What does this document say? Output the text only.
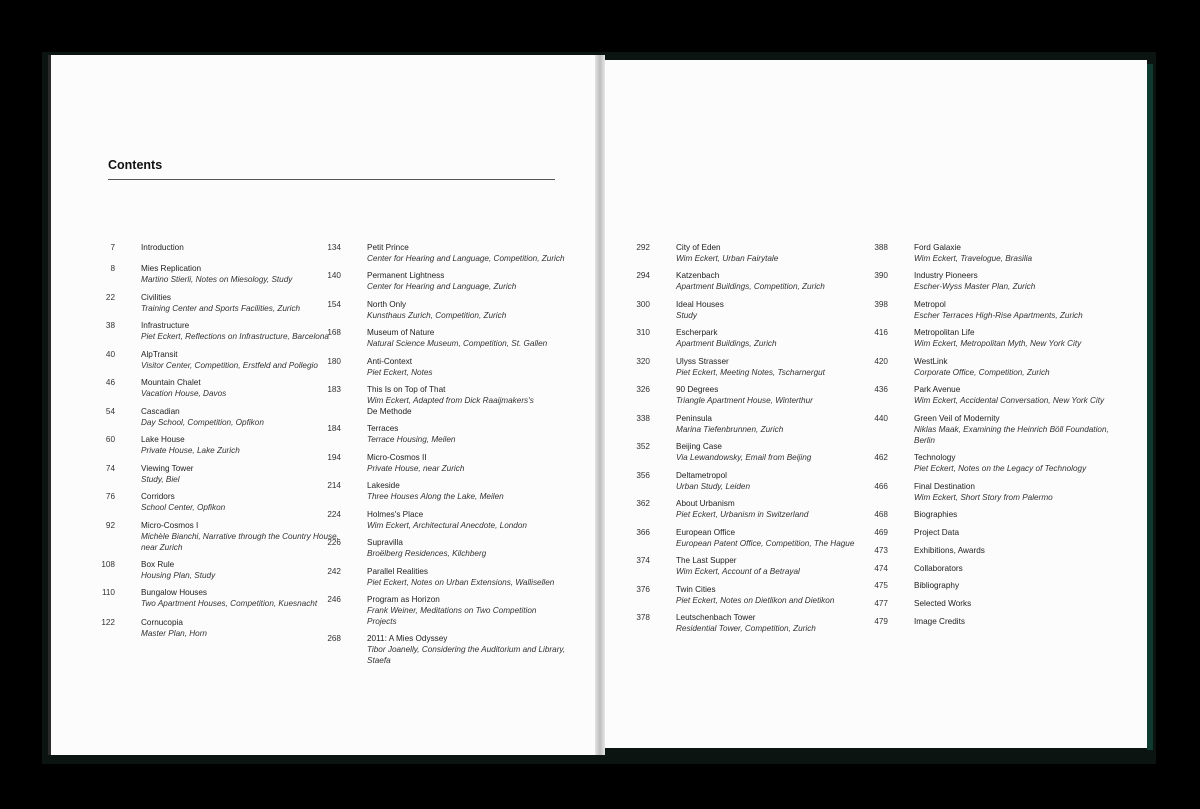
Contents
7	Introduction
8	Mies Replication
Martino Stierli, Notes on Miesology, Study
22	Civilities
Training Center and Sports Facilities, Zurich
38	Infrastructure
Piet Eckert, Reflections on Infrastructure, Barcelona
40	AlpTransit
Visitor Center, Competition, Erstfeld and Pollegio
46	Mountain Chalet
Vacation House, Davos
54	Cascadian
Day School, Competition, Opfikon
60	Lake House
Private House, Lake Zurich
74	Viewing Tower
Study, Biel
76	Corridors
School Center, Opfikon
92	Micro-Cosmos I
Michèle Bianchi, Narrative through the Country House, near Zurich
108	Box Rule
Housing Plan, Study
110	Bungalow Houses
Two Apartment Houses, Competition, Kuesnacht
122	Cornucopia
Master Plan, Horn
134	Petit Prince
Center for Hearing and Language, Competition, Zurich
140	Permanent Lightness
Center for Hearing and Language, Zurich
154	North Only
Kunsthaus Zurich, Competition, Zurich
168	Museum of Nature
Natural Science Museum, Competition, St. Gallen
180	Anti-Context
Piet Eckert, Notes
183	This Is on Top of That
Wim Eckert, Adapted from Dick Raaijmakers's
De Methode
184	Terraces
Terrace Housing, Meilen
194	Micro-Cosmos II
Private House, near Zurich
214	Lakeside
Three Houses Along the Lake, Meilen
224	Holmes's Place
Wim Eckert, Architectural Anecdote, London
226	Supravilla
Broëlberg Residences, Kilchberg
242	Parallel Realities
Piet Eckert, Notes on Urban Extensions, Wallisellen
246	Program as Horizon
Frank Weiner, Meditations on Two Competition Projects
268	2011: A Mies Odyssey
Tibor Joanelly, Considering the Auditorium and Library, Staefa
292	City of Eden
Wim Eckert, Urban Fairytale
294	Katzenbach
Apartment Buildings, Competition, Zurich
300	Ideal Houses
Study
310	Escherpark
Apartment Buildings, Zurich
320	Ulyss Strasser
Piet Eckert, Meeting Notes, Tscharnergut
326	90 Degrees
Triangle Apartment House, Winterthur
338	Peninsula
Marina Tiefenbrunnen, Zurich
352	Beijing Case
Via Lewandowsky, Email from Beijing
356	Deltametropol
Urban Study, Leiden
362	About Urbanism
Piet Eckert, Urbanism in Switzerland
366	European Office
European Patent Office, Competition, The Hague
374	The Last Supper
Wim Eckert, Account of a Betrayal
376	Twin Cities
Piet Eckert, Notes on Dietlikon and Dietikon
378	Leutschenbach Tower
Residential Tower, Competition, Zurich
388	Ford Galaxie
Wim Eckert, Travelogue, Brasilia
390	Industry Pioneers
Escher-Wyss Master Plan, Zurich
398	Metropol
Escher Terraces High-Rise Apartments, Zurich
416	Metropolitan Life
Wim Eckert, Metropolitan Myth, New York City
420	WestLink
Corporate Office, Competition, Zurich
436	Park Avenue
Wim Eckert, Accidental Conversation, New York City
440	Green Veil of Modernity
Niklas Maak, Examining the Heinrich Böll Foundation, Berlin
462	Technology
Piet Eckert, Notes on the Legacy of Technology
466	Final Destination
Wim Eckert, Short Story from Palermo
468	Biographies
469	Project Data
473	Exhibitions, Awards
474	Collaborators
475	Bibliography
477	Selected Works
479	Image Credits
